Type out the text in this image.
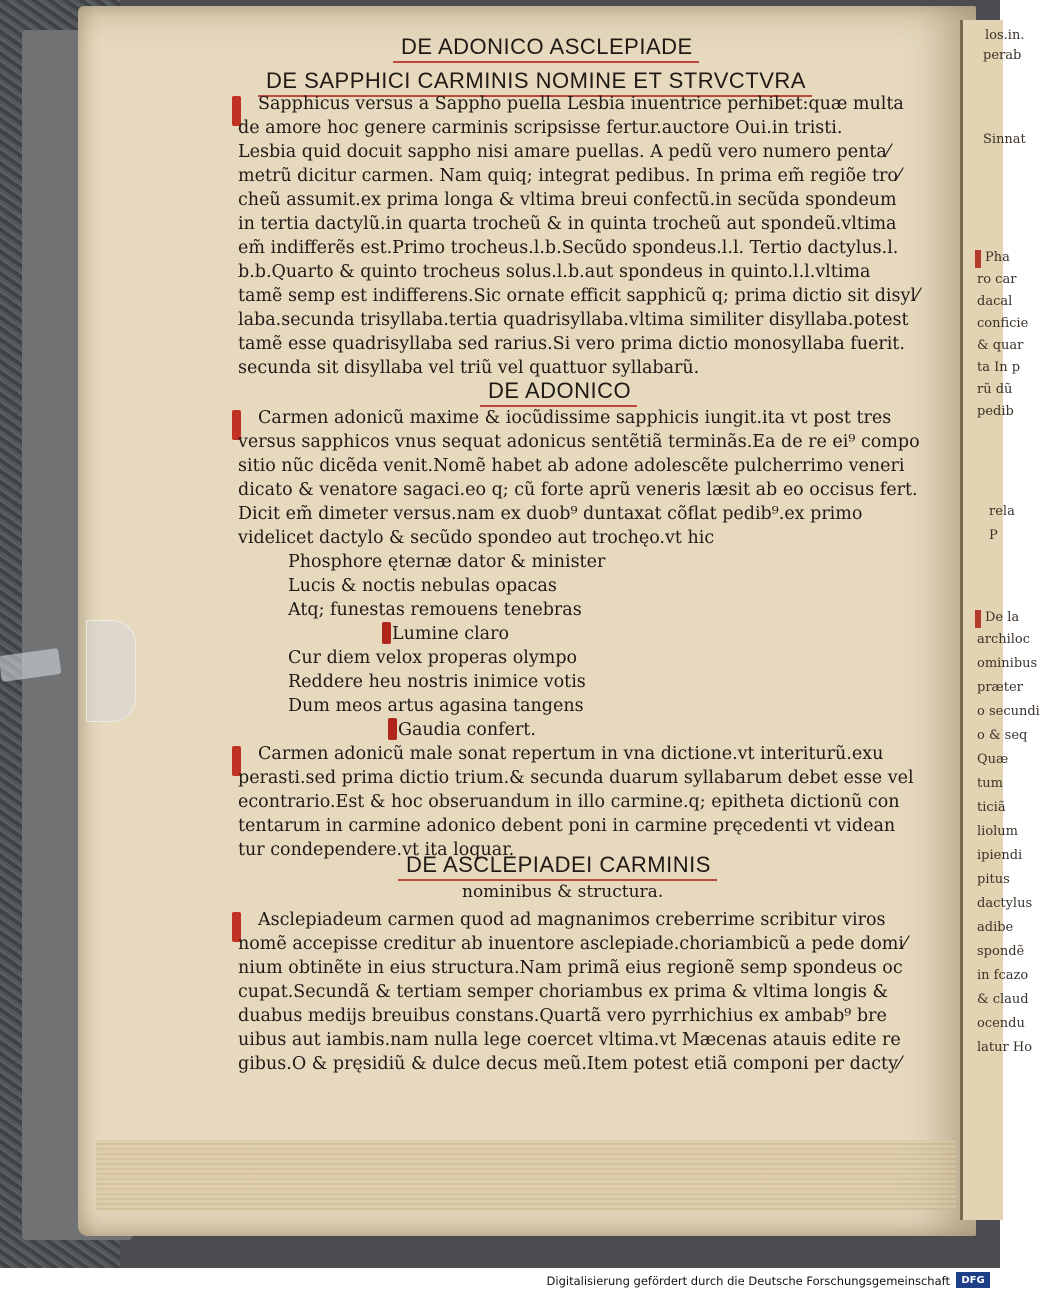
los.in.
perab
Sinnat
Pha
ro car
dacal
conficie
& quar
ta In p
rũ dũ
pedib
rela
P
De la
archiloc
ominibus
præter
o secundi
o & seq
Quæ
tum
ticiã
liolum
ipiendi
pitus
dactylus
adibe
spondẽ
in fcazo
& claud
ocendu
latur Ho
DE ADONICO ASCLEPIADE
DE SAPPHICI CARMINIS NOMINE ET STRVCTVRA
Sapphicus versus a Sappho puella Lesbia inuentrice perhibet:quæ multa
de amore hoc genere carminis scripsisse fertur.auctore Oui.in tristi.
Lesbia quid docuit sappho nisi amare puellas. A pedũ vero numero penta⁄
metrũ dicitur carmen. Nam quiq; integrat pedibus. In prima em̃ regiõe tro⁄
cheũ assumit.ex prima longa & vltima breui confectũ.in secũda spondeum
in tertia dactylũ.in quarta trocheũ & in quinta trocheũ aut spondeũ.vltima
em̃ indifferẽs est.Primo trocheus.l.b.Secũdo spondeus.l.l. Tertio dactylus.l.
b.b.Quarto & quinto trocheus solus.l.b.aut spondeus in quinto.l.l.vltima
tamẽ semp est indifferens.Sic ornate efficit sapphicũ q; prima dictio sit disyl⁄
laba.secunda trisyllaba.tertia quadrisyllaba.vltima similiter disyllaba.potest
tamẽ esse quadrisyllaba sed rarius.Si vero prima dictio monosyllaba fuerit.
secunda sit disyllaba vel triũ vel quattuor syllabarũ.
DE ADONICO
Carmen adonicũ maxime & iocũdissime sapphicis iungit.ita vt post tres
versus sapphicos vnus sequat adonicus sentẽtiã terminãs.Ea de re ei⁹ compo
sitio nũc dicẽda venit.Nomẽ habet ab adone adolescẽte pulcherrimo veneri
dicato & venatore sagaci.eo q; cũ forte aprũ veneris læsit ab eo occisus fert.
Dicit em̃ dimeter versus.nam ex duob⁹ duntaxat cõflat pedib⁹.ex primo
videlicet dactylo & secũdo spondeo aut trochęo.vt hic
Phosphore ęternæ dator & minister
Lucis & noctis nebulas opacas
Atq; funestas remouens tenebras
Lumine claro
Cur diem velox properas olympo
Reddere heu nostris inimice votis
Dum meos artus agasina tangens
Gaudia confert.
Carmen adonicũ male sonat repertum in vna dictione.vt interiturũ.exu
perasti.sed prima dictio trium.& secunda duarum syllabarum debet esse vel
econtrario.Est & hoc obseruandum in illo carmine.q; epitheta dictionũ con
tentarum in carmine adonico debent poni in carmine pręcedenti vt videan
tur condependere.vt ita loquar.
DE ASCLEPIADEI CARMINIS
nominibus & structura.
Asclepiadeum carmen quod ad magnanimos creberrime scribitur viros
nomẽ accepisse creditur ab inuentore asclepiade.choriambicũ a pede domi⁄
nium obtinẽte in eius structura.Nam primã eius regionẽ semp spondeus oc
cupat.Secundã & tertiam semper choriambus ex prima & vltima longis &
duabus medijs breuibus constans.Quartã vero pyrrhichius ex ambab⁹ bre
uibus aut iambis.nam nulla lege coercet vltima.vt Mæcenas atauis edite re
gibus.O & pręsidiũ & dulce decus meũ.Item potest etiã componi per dacty⁄
Digitalisierung gefördert durch die Deutsche Forschungsgemeinschaft	DFG
